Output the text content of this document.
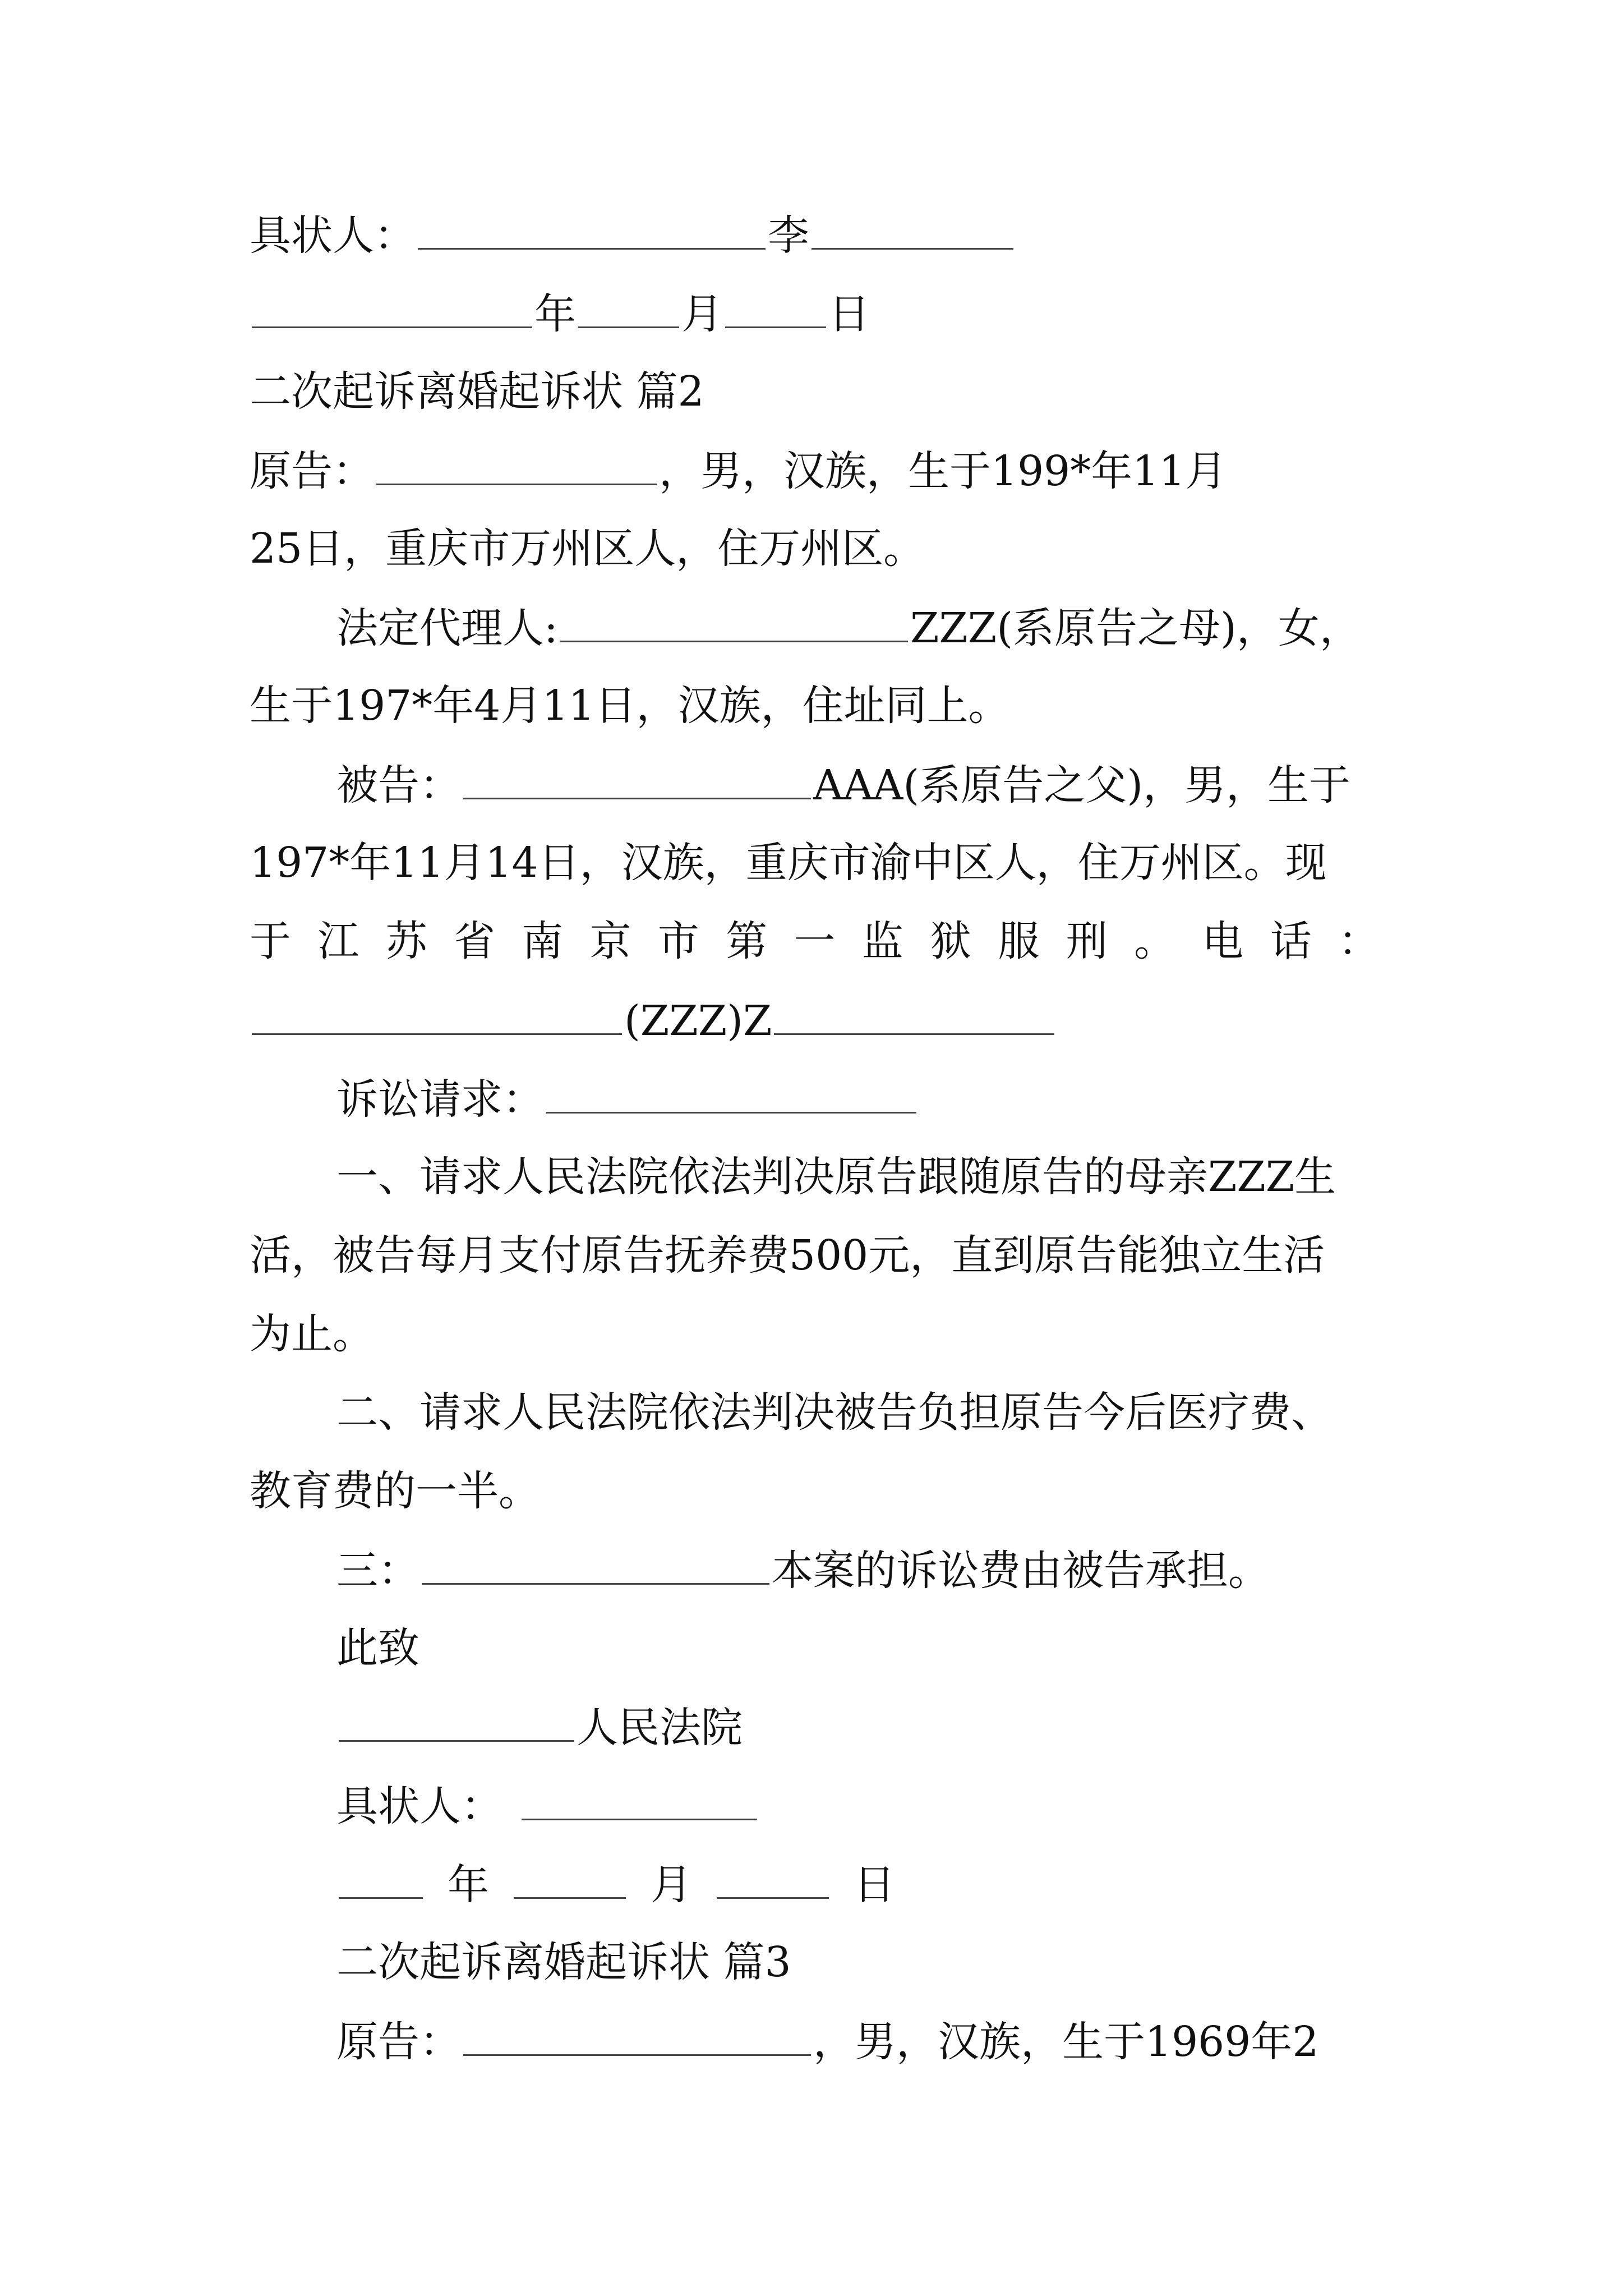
具状人：	李
年	月	日
二次起诉离婚起诉状 篇2
原告：	，男，汉族，生于199*年11月
25日，重庆市万州区人，住万州区。
法定代理人:	ZZZ(系原告之母)，女，
生于197*年4月11日，汉族，住址同上。
被告：	AAA(系原告之父)，男，生于
197*年11月14日，汉族，重庆市渝中区人，住万州区。现
于 江 苏 省 南 京 市 第 一 监 狱 服 刑 。 电 话 ：
(ZZZ)Z
诉讼请求：
一、请求人民法院依法判决原告跟随原告的母亲ZZZ生
活，被告每月支付原告抚养费500元，直到原告能独立生活
为止。
二、请求人民法院依法判决被告负担原告今后医疗费、
教育费的一半。
三：	本案的诉讼费由被告承担。
此致
人民法院
具状人：
年	月	日
二次起诉离婚起诉状 篇3
原告：	，男，汉族，生于1969年2
